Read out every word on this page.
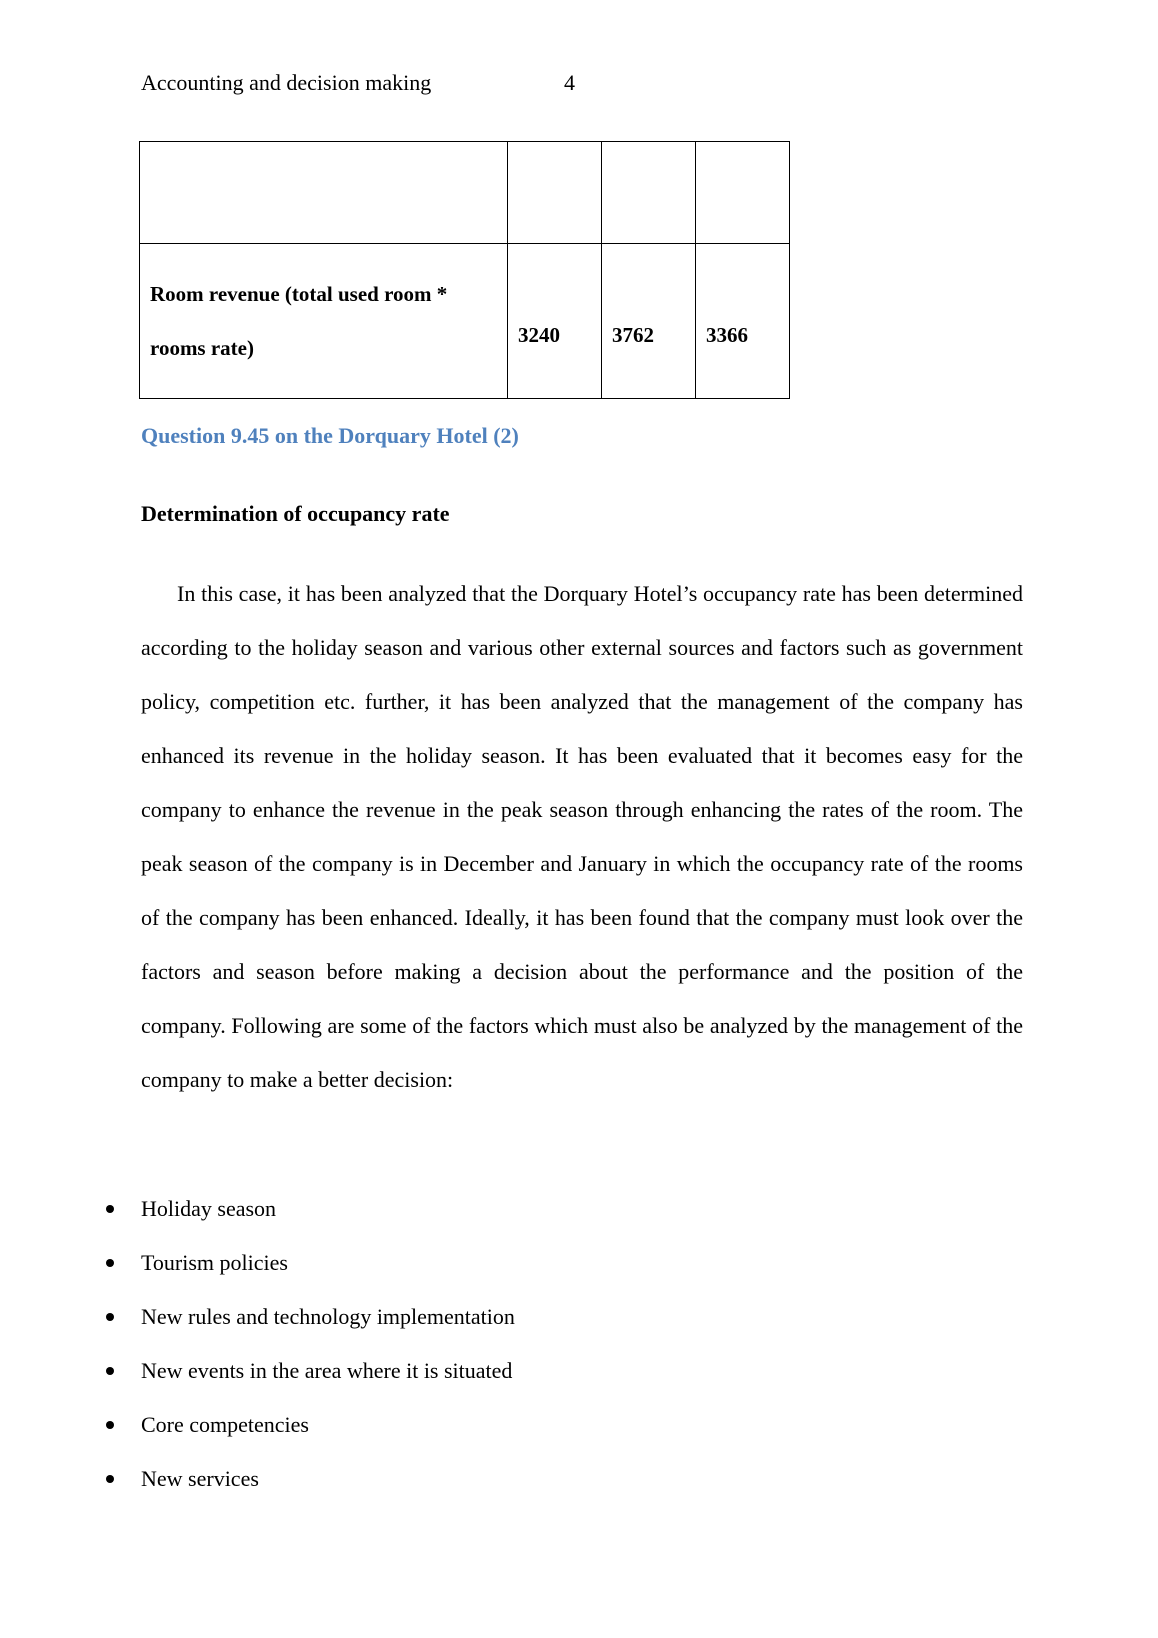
Accounting and decision making	4

Room revenue (total used room *
rooms rate)	3240	3762	3366
Question 9.45 on the Dorquary Hotel (2)
Determination of occupancy rate

In this case, it has been analyzed that the Dorquary Hotel’s occupancy rate has been determined according to the holiday season and various other external sources and factors such as government policy, competition etc. further, it has been analyzed that the management of the company has enhanced its revenue in the holiday season. It has been evaluated that it becomes easy for the company to enhance the revenue in the peak season through enhancing the rates of the room. The peak season of the company is in December and January in which the occupancy rate of the rooms of the company has been enhanced. Ideally, it has been found that the company must look over the factors and season before making a decision about the performance and the position of the company. Following are some of the factors which must also be analyzed by the management of the company to make a better decision:

Holiday season
Tourism policies
New rules and technology implementation
New events in the area where it is situated
Core competencies
New services
